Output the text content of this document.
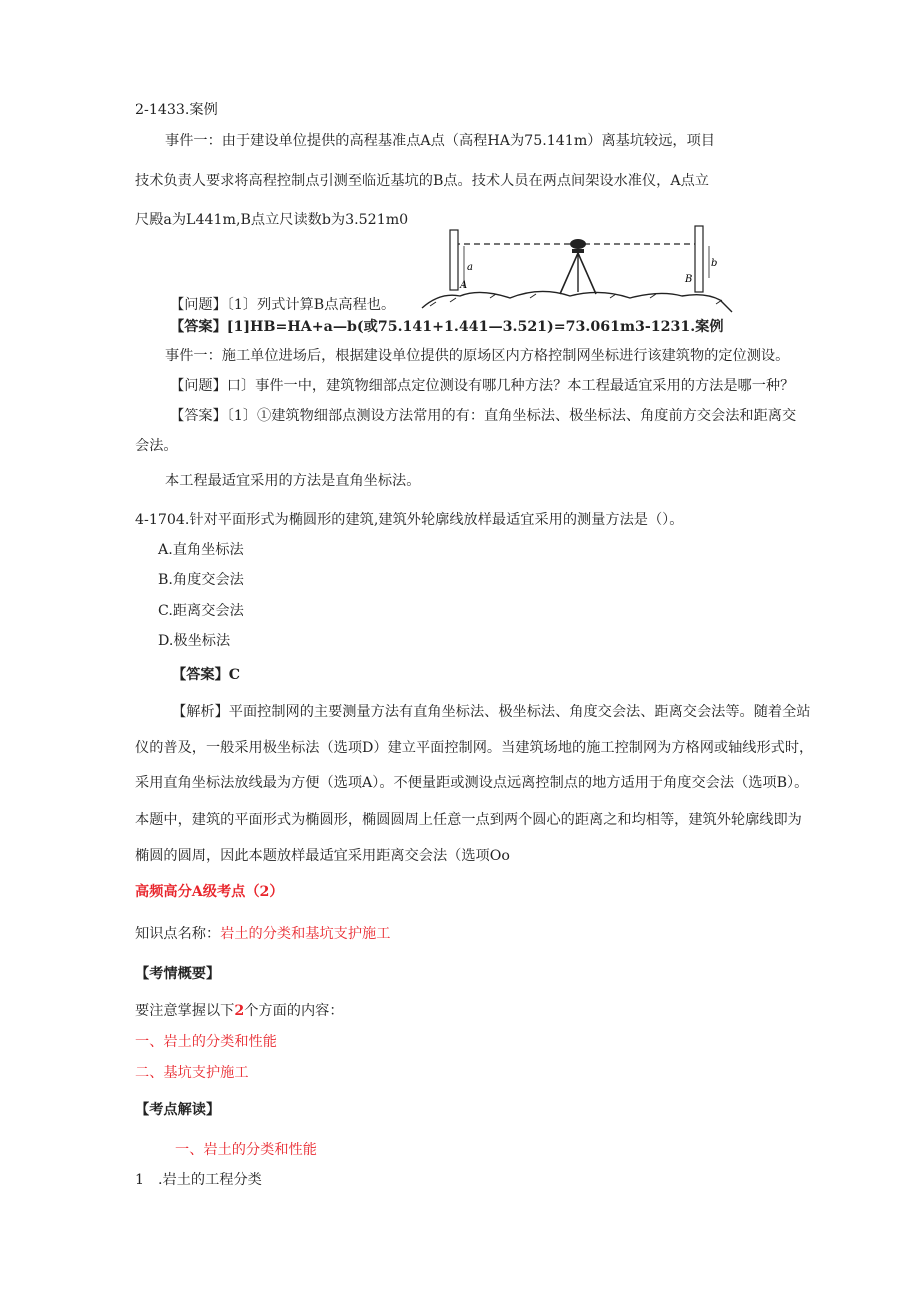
2-1433.案例
事件一：由于建设单位提供的高程基准点A点（高程HA为75.141m）离基坑较远，项目
技术负责人要求将高程控制点引测至临近基坑的B点。技术人员在两点间架设水准仪，A点立
尺殿a为L441m,B点立尺读数b为3.521m0
a
A
b
B
【问题】〔1〕列式计算B点高程也。
【答案】[1]HB=HA+a—b(或75.141+1.441—3.521)=73.061m3-1231.案例
事件一：施工单位进场后，根据建设单位提供的原场区内方格控制网坐标进行该建筑物的定位测设。
【问题】口〕事件一中，建筑物细部点定位测设有哪几种方法？本工程最适宜采用的方法是哪一种？
【答案】〔1〕①建筑物细部点测设方法常用的有：直角坐标法、极坐标法、角度前方交会法和距离交
会法。
本工程最适宜采用的方法是直角坐标法。
4-1704.针对平面形式为椭圆形的建筑,建筑外轮廓线放样最适宜采用的测量方法是（）。
A.直角坐标法
B.角度交会法
C.距离交会法
D.极坐标法
【答案】C
【解析】平面控制网的主要测量方法有直角坐标法、极坐标法、角度交会法、距离交会法等。随着全站
仪的普及，一般采用极坐标法（选项D）建立平面控制网。当建筑场地的施工控制网为方格网或轴线形式时，
采用直角坐标法放线最为方便（选项A）。不便量距或测设点远离控制点的地方适用于角度交会法（选项B）。
本题中，建筑的平面形式为椭圆形，椭圆圆周上任意一点到两个圆心的距离之和均相等，建筑外轮廓线即为
椭圆的圆周，因此本题放样最适宜采用距离交会法（选项Oo
高频高分A级考点（2）
知识点名称：岩土的分类和基坑支护施工
【考情概要】
要注意掌握以下2个方面的内容：
一、岩土的分类和性能
二、基坑支护施工
【考点解读】
一、岩土的分类和性能
1 .岩土的工程分类
